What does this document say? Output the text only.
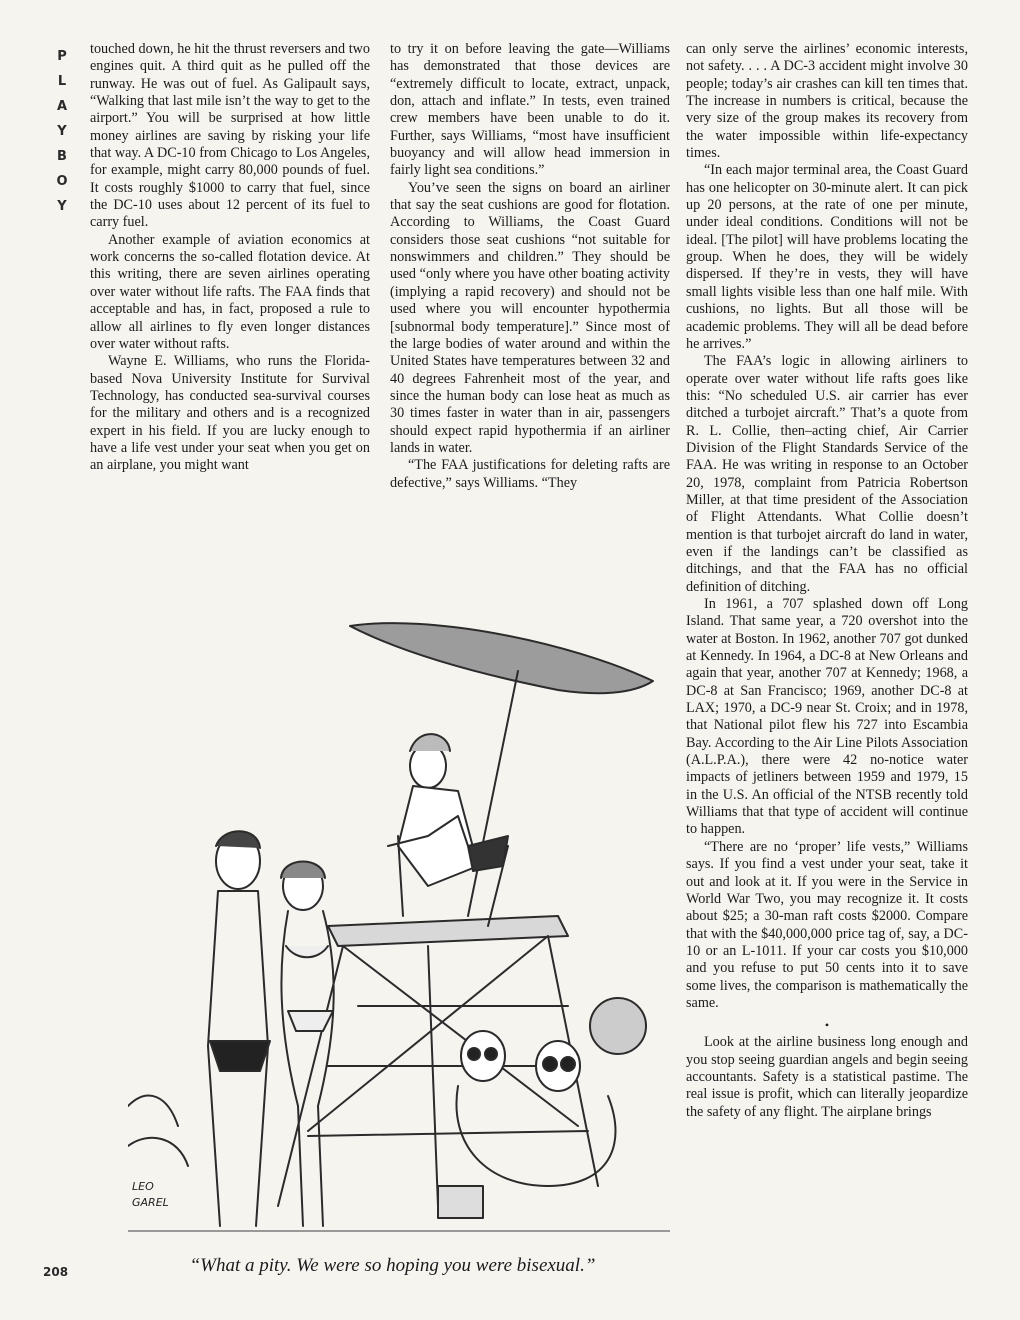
P
L
A
Y
B
O
Y

touched down, he hit the thrust reversers and two engines quit. A third quit as he pulled off the runway. He was out of fuel. As Galipault says, “Walking that last mile isn’t the way to get to the airport.” You will be surprised at how little money airlines are saving by risking your life that way. A DC-10 from Chicago to Los Angeles, for example, might carry 80,000 pounds of fuel. It costs roughly $1000 to carry that fuel, since the DC-10 uses about 12 percent of its fuel to carry fuel.

Another example of aviation economics at work concerns the so-called flotation device. At this writing, there are seven airlines operating over water without life rafts. The FAA finds that acceptable and has, in fact, proposed a rule to allow all airlines to fly even longer distances over water without rafts.

Wayne E. Williams, who runs the Florida-based Nova University Institute for Survival Technology, has conducted sea-survival courses for the military and others and is a recognized expert in his field. If you are lucky enough to have a life vest under your seat when you get on an airplane, you might want

to try it on before leaving the gate—Williams has demonstrated that those devices are “extremely difficult to locate, extract, unpack, don, attach and inflate.” In tests, even trained crew members have been unable to do it. Further, says Williams, “most have insufficient buoyancy and will allow head immersion in fairly light sea conditions.”

You’ve seen the signs on board an airliner that say the seat cushions are good for flotation. According to Williams, the Coast Guard considers those seat cushions “not suitable for nonswimmers and children.” They should be used “only where you have other boating activity (implying a rapid recovery) and should not be used where you will encounter hypothermia [subnormal body temperature].” Since most of the large bodies of water around and within the United States have temperatures between 32 and 40 degrees Fahrenheit most of the year, and since the human body can lose heat as much as 30 times faster in water than in air, passengers should expect rapid hypothermia if an airliner lands in water.

“The FAA justifications for deleting rafts are defective,” says Williams. “They

can only serve the airlines’ economic interests, not safety. . . . A DC-3 accident might involve 30 people; today’s air crashes can kill ten times that. The increase in numbers is critical, because the very size of the group makes its recovery from the water impossible within life-expectancy times.

“In each major terminal area, the Coast Guard has one helicopter on 30-minute alert. It can pick up 20 persons, at the rate of one per minute, under ideal conditions. Conditions will not be ideal. [The pilot] will have problems locating the group. When he does, they will be widely dispersed. If they’re in vests, they will have small lights visible less than one half mile. With cushions, no lights. But all those will be academic problems. They will all be dead before he arrives.”

The FAA’s logic in allowing airliners to operate over water without life rafts goes like this: “No scheduled U.S. air carrier has ever ditched a turbojet aircraft.” That’s a quote from R. L. Collie, then–acting chief, Air Carrier Division of the Flight Standards Service of the FAA. He was writing in response to an October 20, 1978, complaint from Patricia Robertson Miller, at that time president of the Association of Flight Attendants. What Collie doesn’t mention is that turbojet aircraft do land in water, even if the landings can’t be classified as ditchings, and that the FAA has no official definition of ditching.

In 1961, a 707 splashed down off Long Island. That same year, a 720 overshot into the water at Boston. In 1962, another 707 got dunked at Kennedy. In 1964, a DC-8 at New Orleans and again that year, another 707 at Kennedy; 1968, a DC-8 at San Francisco; 1969, another DC-8 at LAX; 1970, a DC-9 near St. Croix; and in 1978, that National pilot flew his 727 into Escambia Bay. According to the Air Line Pilots Association (A.L.P.A.), there were 42 no-notice water impacts of jetliners between 1959 and 1979, 15 in the U.S. An official of the NTSB recently told Williams that that type of accident will continue to happen.

“There are no ‘proper’ life vests,” Williams says. If you find a vest under your seat, take it out and look at it. If you were in the Service in World War Two, you may recognize it. It costs about $25; a 30-man raft costs $2000. Compare that with the $40,000,000 price tag of, say, a DC-10 or an L-1011. If your car costs you $10,000 and you refuse to put 50 cents into it to save some lives, the comparison is mathematically the same.

•

Look at the airline business long enough and you stop seeing guardian angels and begin seeing accountants. Safety is a statistical pastime. The real issue is profit, which can literally jeopardize the safety of any flight. The airplane brings

LEO
GAREL
“What a pity. We were so hoping you were bisexual.”
208
